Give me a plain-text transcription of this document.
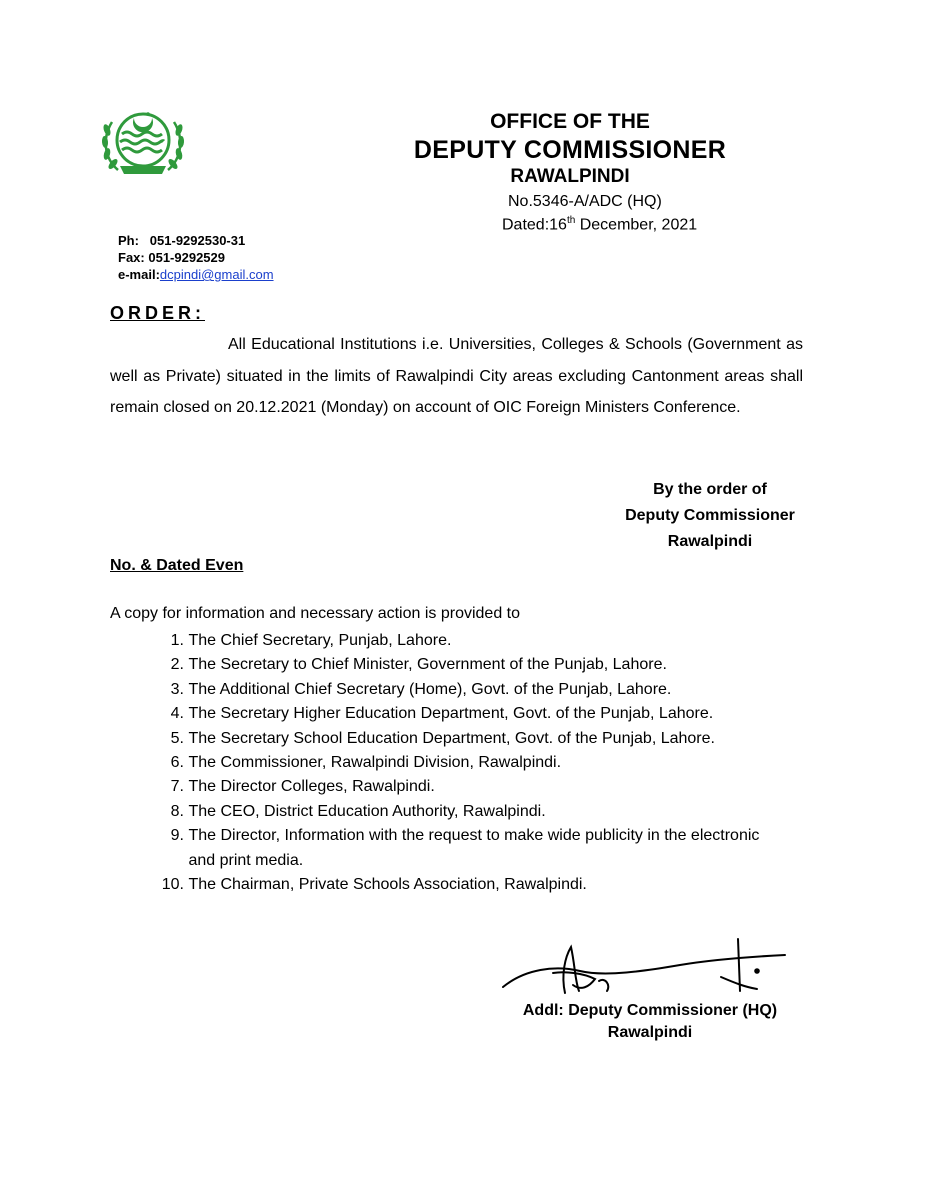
OFFICE OF THE
DEPUTY COMMISSIONER
RAWALPINDI
No.5346-A/ADC (HQ)
Dated:16th December, 2021
Ph: 051-9292530-31
Fax: 051-9292529
e-mail:dcpindi@gmail.com
ORDER:
All Educational Institutions i.e. Universities, Colleges & Schools (Government as well as Private) situated in the limits of Rawalpindi City areas excluding Cantonment areas shall remain closed on 20.12.2021 (Monday) on account of OIC Foreign Ministers Conference.
By the order of
Deputy Commissioner
Rawalpindi
No. & Dated Even
A copy for information and necessary action is provided to
1.
The Chief Secretary, Punjab, Lahore.
2.
The Secretary to Chief Minister, Government of the Punjab, Lahore.
3.
The Additional Chief Secretary (Home), Govt. of the Punjab, Lahore.
4.
The Secretary Higher Education Department, Govt. of the Punjab, Lahore.
5.
The Secretary School Education Department, Govt. of the Punjab, Lahore.
6.
The Commissioner, Rawalpindi Division, Rawalpindi.
7.
The Director Colleges, Rawalpindi.
8.
The CEO, District Education Authority, Rawalpindi.
9.
The Director, Information with the request to make wide publicity in the electronic and print media.
10.
The Chairman, Private Schools Association, Rawalpindi.
Addl: Deputy Commissioner (HQ)
Rawalpindi
